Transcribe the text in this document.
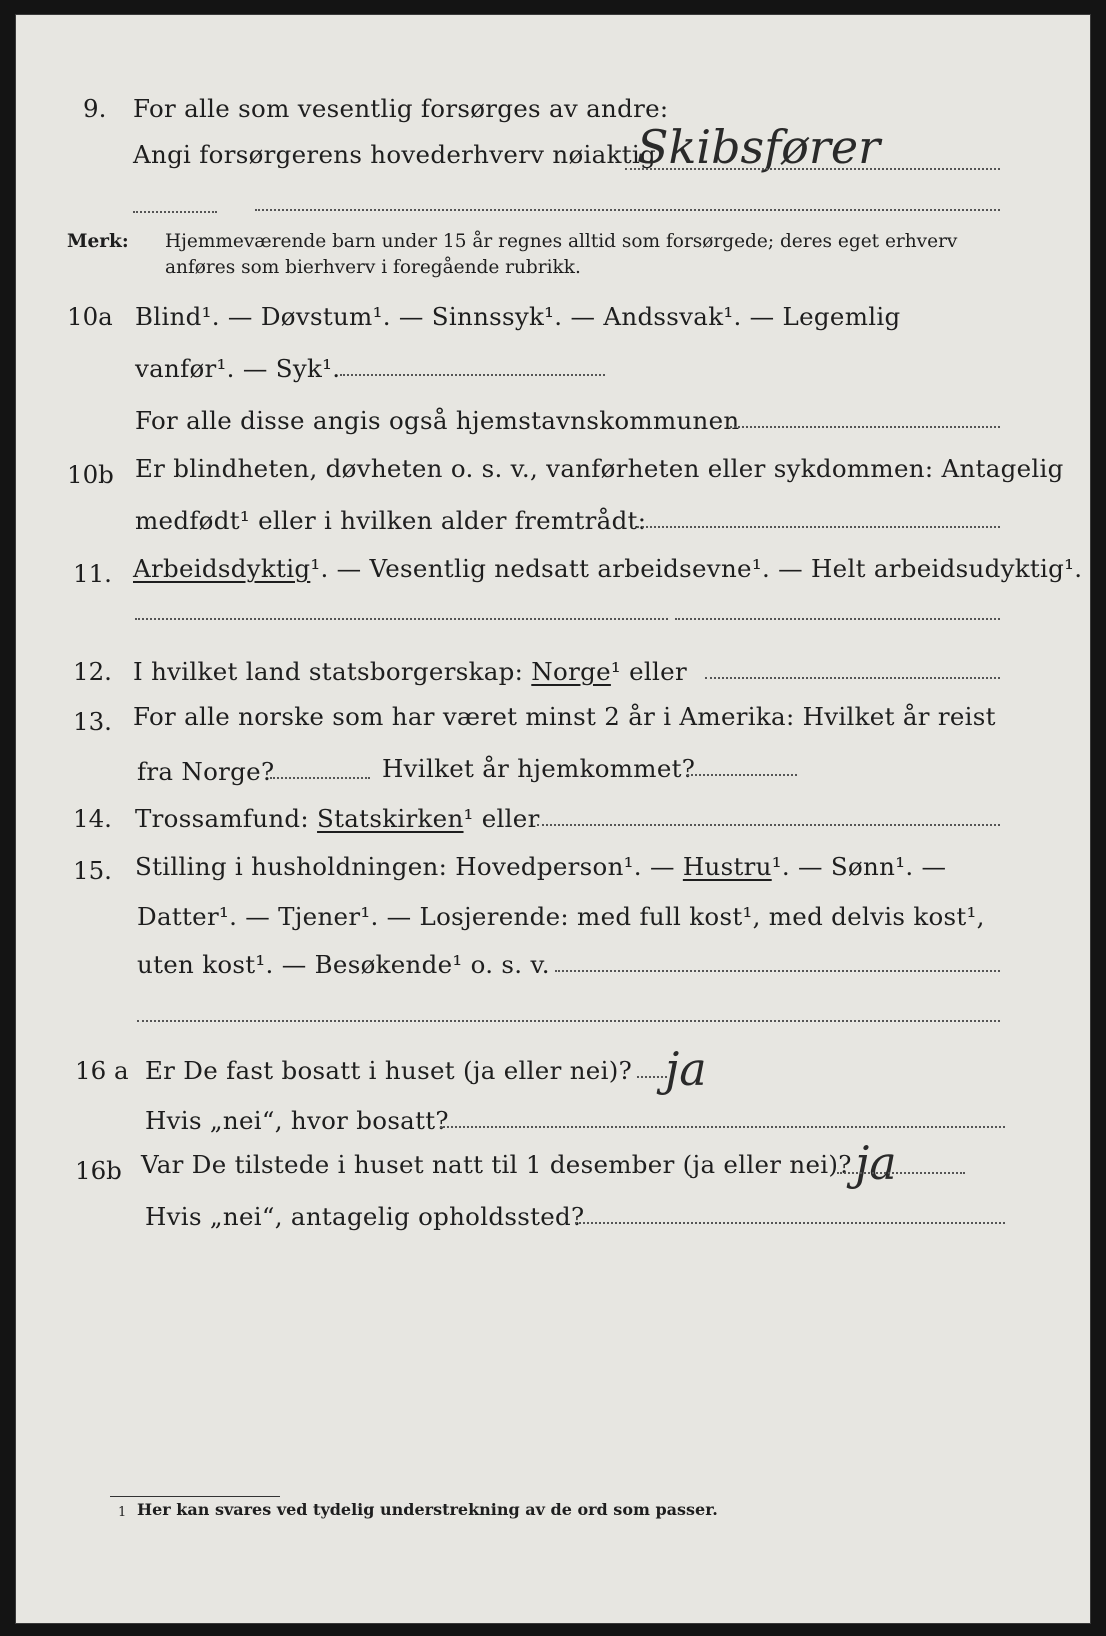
9. For alle som vesentlig forsørges av andre:
Angi forsørgerens hovederhverv nøiaktig
Skibsfører
Merk: Hjemmeværende barn under 15 år regnes alltid som forsørgede; deres eget erhverv
anføres som bierhverv i foregående rubrikk.
10a Blind¹. — Døvstum¹. — Sinnssyk¹. — Andssvak¹. — Legemlig
vanfør¹. — Syk¹.
For alle disse angis også hjemstavnskommunen
10b Er blindheten, døvheten o. s. v., vanførheten eller sykdommen: Antagelig
medfødt¹ eller i hvilken alder fremtrådt:
11. Arbeidsdyktig¹. — Vesentlig nedsatt arbeidsevne¹. — Helt arbeidsudyktig¹.
12. I hvilket land statsborgerskap: Norge¹ eller
13. For alle norske som har været minst 2 år i Amerika: Hvilket år reist
fra Norge?	Hvilket år hjemkommet?
14. Trossamfund: Statskirken¹ eller
15. Stilling i husholdningen: Hovedperson¹. — Hustru¹. — Sønn¹. —
Datter¹. — Tjener¹. — Losjerende: med full kost¹, med delvis kost¹,
uten kost¹. — Besøkende¹ o. s. v.
16 a Er De fast bosatt i huset (ja eller nei)? ja
Hvis „nei“, hvor bosatt?
16b Var De tilstede i huset natt til 1 desember (ja eller nei)? ja
Hvis „nei“, antagelig opholdssted?
1 Her kan svares ved tydelig understrekning av de ord som passer.
